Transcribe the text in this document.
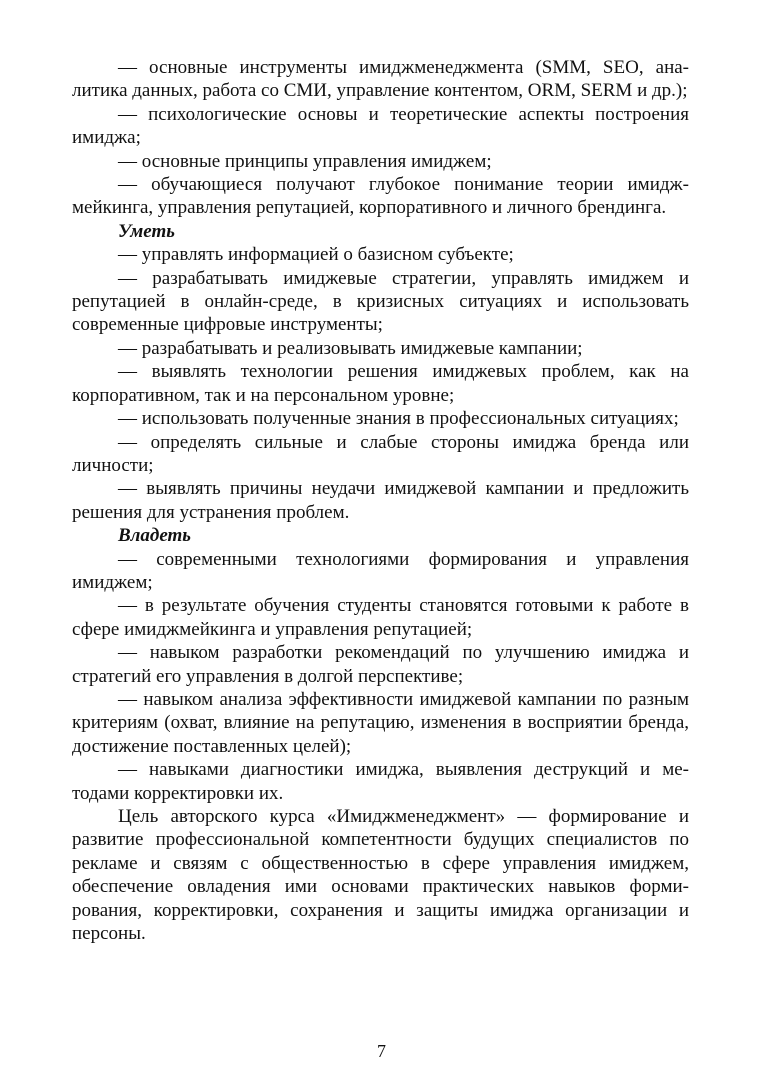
— основные инструменты имиджменеджмента (SMM, SEO, аналитика данных, работа со СМИ, управление контентом, ORM, SERM и др.);

— психологические основы и теоретические аспекты построения имиджа;

— основные принципы управления имиджем;

— обучающиеся получают глубокое понимание теории имиджмейкинга, управления репутацией, корпоративного и личного брендинга.

Уметь

— управлять информацией о базисном субъекте;

— разрабатывать имиджевые стратегии, управлять имиджем и репутацией в онлайн-среде, в кризисных ситуациях и использовать современные цифровые инструменты;

— разрабатывать и реализовывать имиджевые кампании;

— выявлять технологии решения имиджевых проблем, как на корпоративном, так и на персональном уровне;

— использовать полученные знания в профессиональных ситуациях;

— определять сильные и слабые стороны имиджа бренда или личности;

— выявлять причины неудачи имиджевой кампании и предложить решения для устранения проблем.

Владеть

— современными технологиями формирования и управления имиджем;

— в результате обучения студенты становятся готовыми к работе в сфере имиджмейкинга и управления репутацией;

— навыком разработки рекомендаций по улучшению имиджа и стратегий его управления в долгой перспективе;

— навыком анализа эффективности имиджевой кампании по разным критериям (охват, влияние на репутацию, изменения в восприятии бренда, достижение поставленных целей);

— навыками диагностики имиджа, выявления деструкций и методами корректировки их.

Цель авторского курса «Имиджменеджмент» — формирование и развитие профессиональной компетентности будущих специалистов по рекламе и связям с общественностью в сфере управления имиджем, обеспечение овладения ими основами практических навыков формирования, корректировки, сохранения и защиты имиджа организации и персоны.

7
